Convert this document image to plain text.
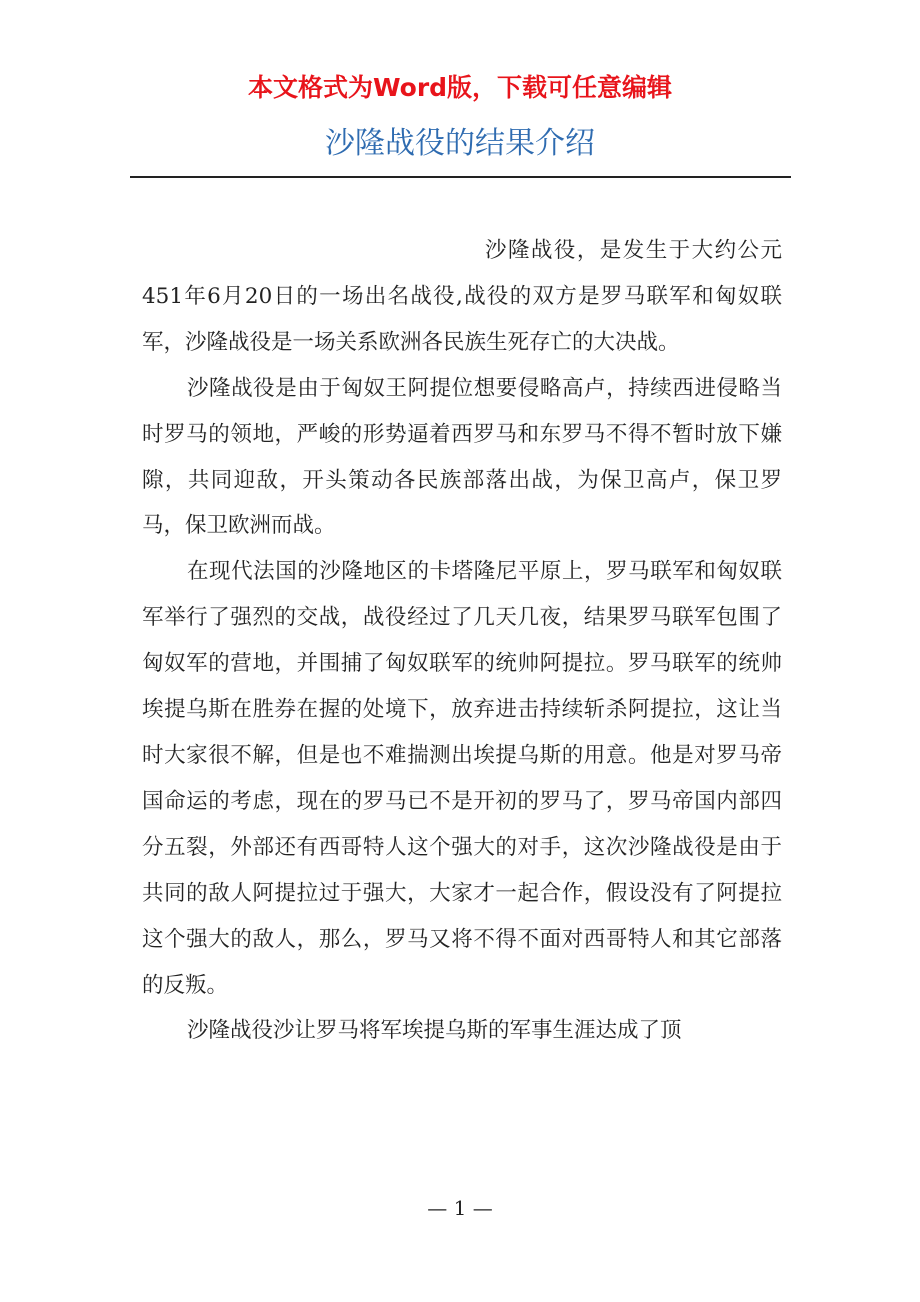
本文格式为Word版，下载可任意编辑
沙隆战役的结果介绍

沙隆战役，是发生于大约公元451年6月20日的一场出名战役,战役的双方是罗马联军和匈奴联军，沙隆战役是一场关系欧洲各民族生死存亡的大决战。

沙隆战役是由于匈奴王阿提位想要侵略高卢，持续西进侵略当时罗马的领地，严峻的形势逼着西罗马和东罗马不得不暂时放下嫌隙，共同迎敌，开头策动各民族部落出战，为保卫高卢，保卫罗马，保卫欧洲而战。

在现代法国的沙隆地区的卡塔隆尼平原上，罗马联军和匈奴联军举行了强烈的交战，战役经过了几天几夜，结果罗马联军包围了匈奴军的营地，并围捕了匈奴联军的统帅阿提拉。罗马联军的统帅埃提乌斯在胜券在握的处境下，放弃进击持续斩杀阿提拉，这让当时大家很不解，但是也不难揣测出埃提乌斯的用意。他是对罗马帝国命运的考虑，现在的罗马已不是开初的罗马了，罗马帝国内部四分五裂，外部还有西哥特人这个强大的对手，这次沙隆战役是由于共同的敌人阿提拉过于强大，大家才一起合作，假设没有了阿提拉这个强大的敌人，那么，罗马又将不得不面对西哥特人和其它部落的反叛。

沙隆战役沙让罗马将军埃提乌斯的军事生涯达成了顶

— 1 —
